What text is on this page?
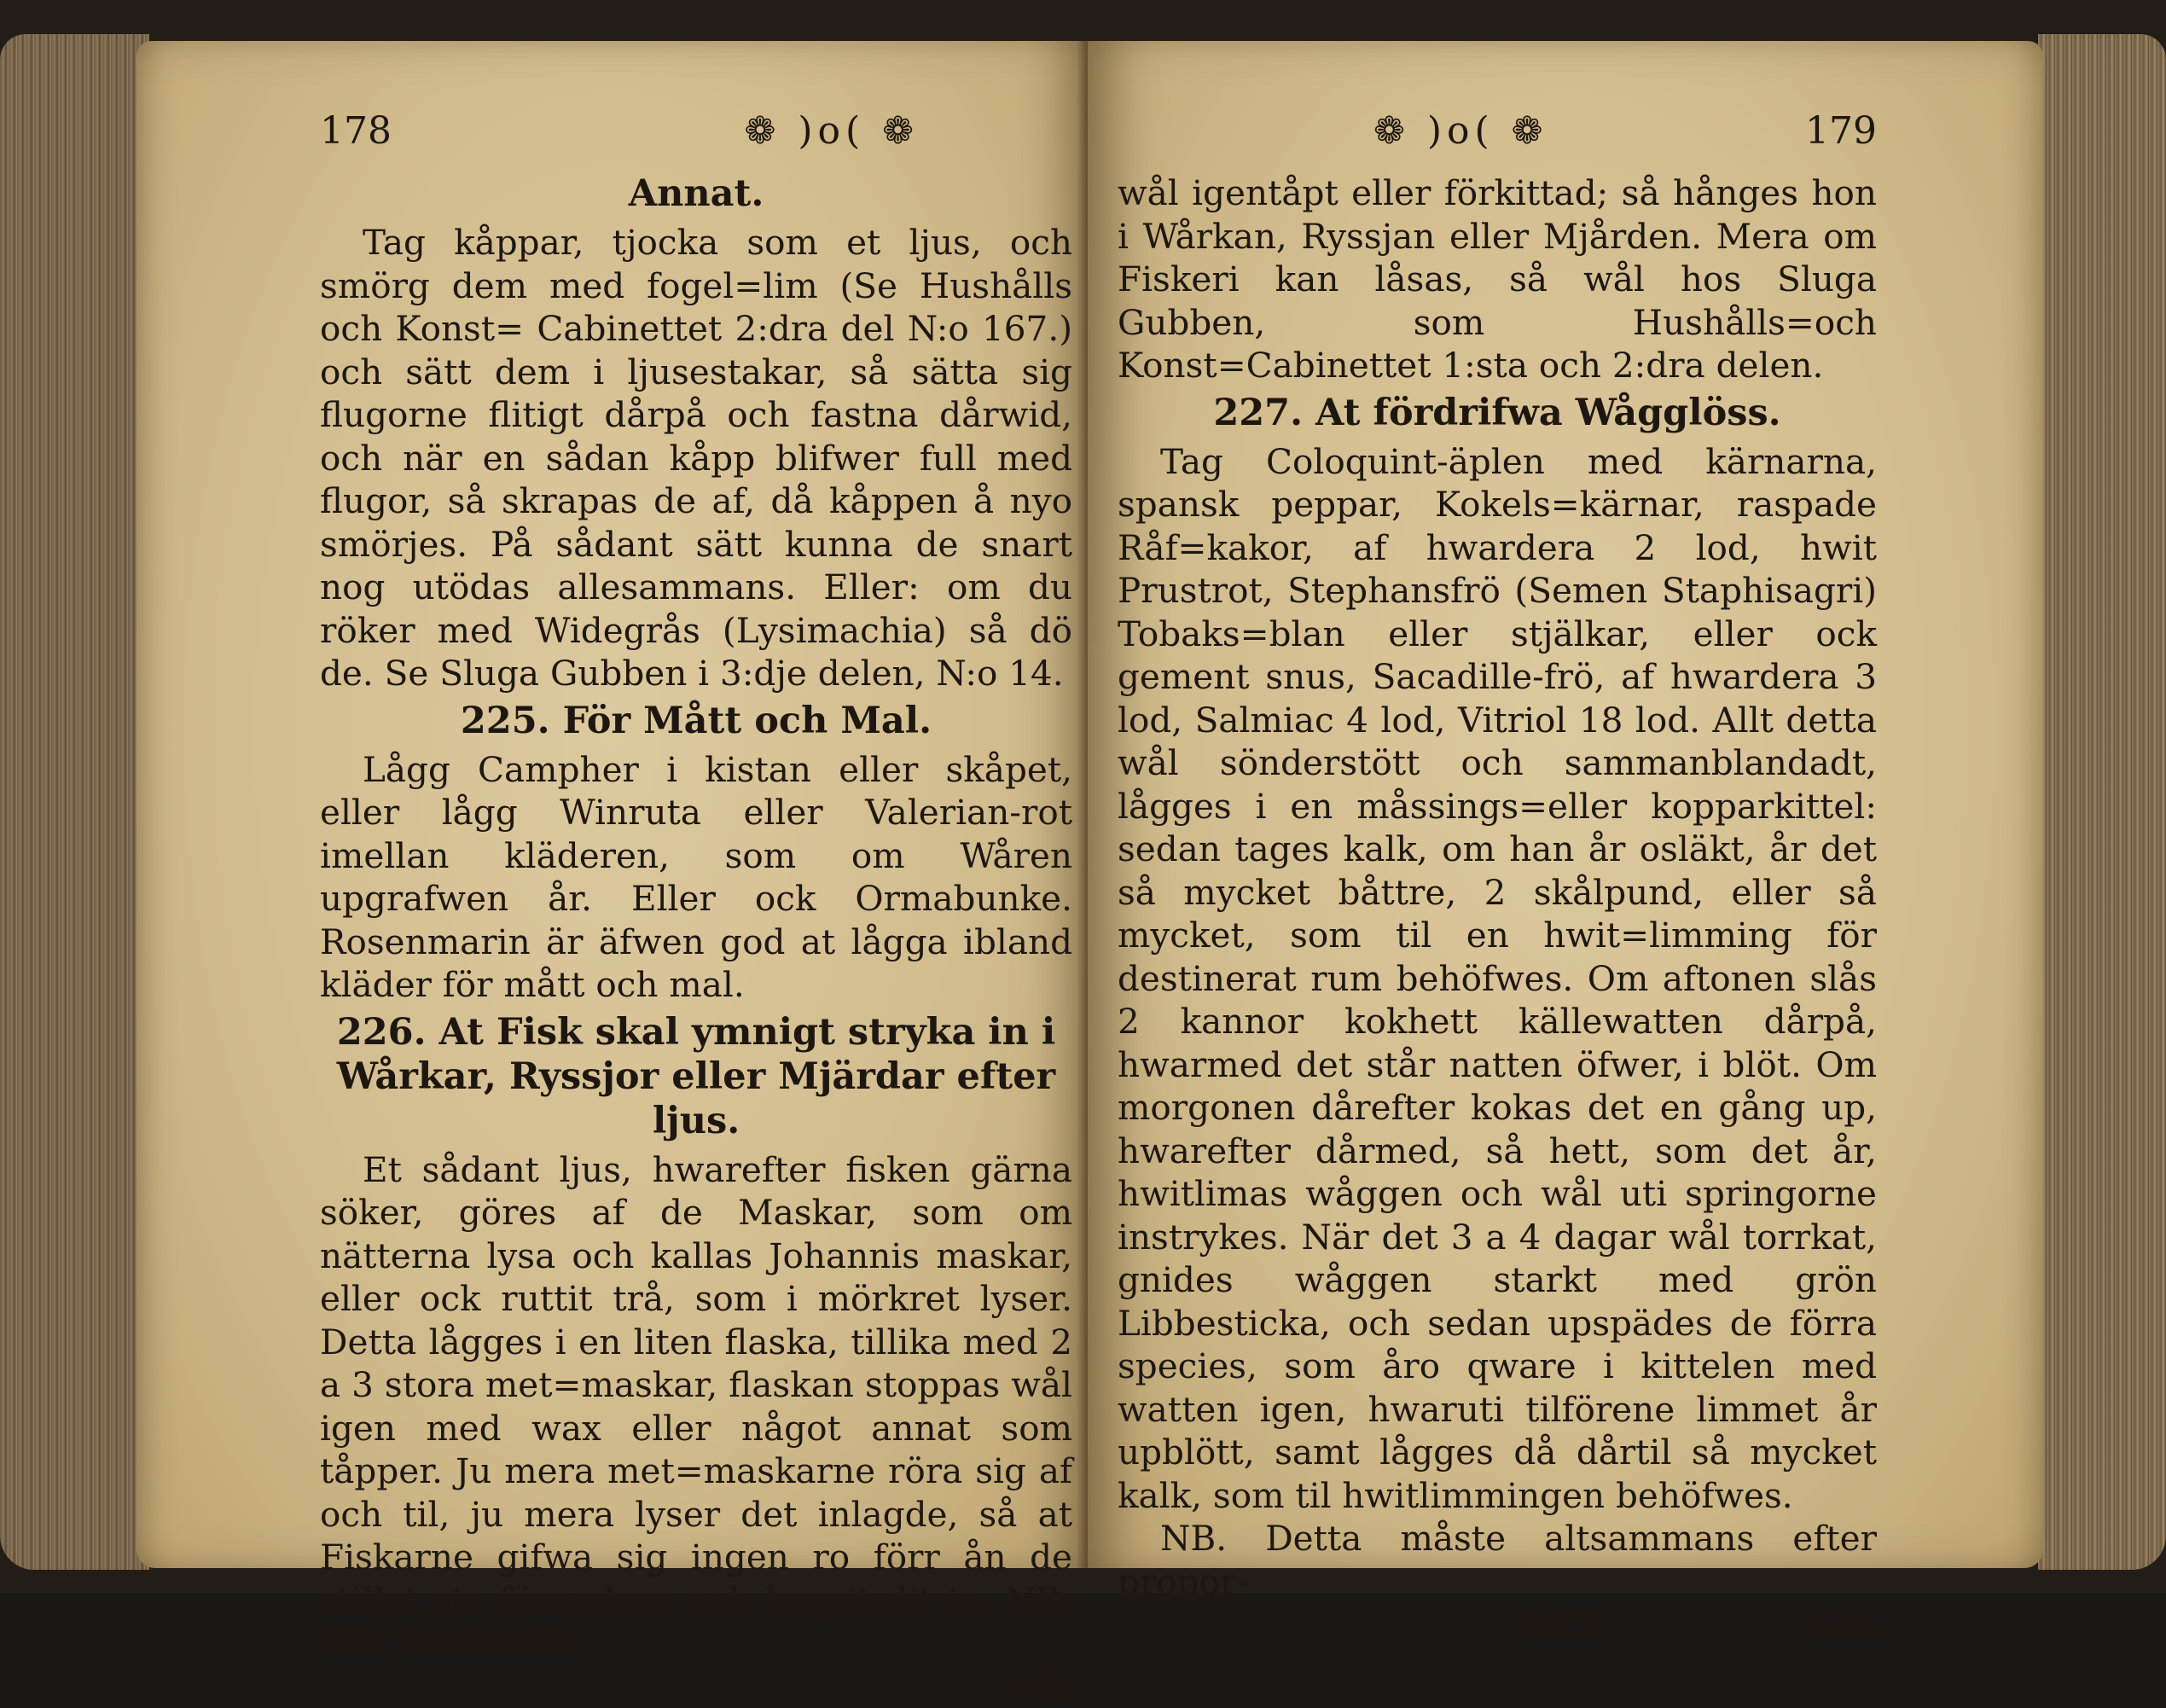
178	❁ )o( ❁
Annat.

Tag kåppar, tjocka som et ljus, och smörg dem med fogel=lim (Se Hushålls och Konst= Cabinettet 2:dra del N:o 167.) och sätt dem i ljusestakar, så sätta sig flugorne flitigt dårpå och fastna dårwid, och när en sådan kåpp blifwer full med flugor, så skrapas de af, då kåppen å nyo smörjes. På sådant sätt kunna de snart nog utödas allesammans. Eller: om du röker med Widegrås (Lysimachia) så dö de. Se Sluga Gubben i 3:dje delen, N:o 14.

225. För Mått och Mal.

Lågg Campher i kistan eller skåpet, eller lågg Winruta eller Valerian-rot imellan kläderen, som om Wåren upgrafwen år. Eller ock Ormabunke. Rosenmarin är äfwen god at låggа ibland kläder för mått och mal.

226. At Fisk skal ymnigt stryka in i Wårkar, Ryssjor eller Mjärdar efter ljus.

Et sådant ljus, hwarefter fisken gärna söker, göres af de Maskar, som om nätterna lysa och kallas Johannis maskar, eller ock ruttit trå, som i mörkret lyser. Detta lågges i en liten flaska, tillika med 2 a 3 stora met=maskar, flaskan stoppas wål igen med wax eller något annat som tåpper. Ju mera met=maskarne röra sig af och til, ju mera lyser det inlagde, så at Fiskarne gifwa sig ingen ro förr ån de stillat sin förundran och krupit dit in. NB. När flaskan är

wål
❁ )o( ❁	179

wål igentåpt eller förkittad; så hånges hon i Wårkan, Ryssjan eller Mjården. Mera om Fiskeri kan låsas, så wål hos Sluga Gubben, som Hushålls=och Konst=Cabinettet 1:sta och 2:dra delen.

227. At fördrifwa Wågglöss.

Tag Coloquint-äplen med kärnarna, spansk peppar, Kokels=kärnar, raspade Råf=kakor, af hwardera 2 lod, hwit Prustrot, Stephansfrö (Semen Staphisagri) Tobaks=blan eller stjälkar, eller ock gement snus, Sacadille-frö, af hwardera 3 lod, Salmiac 4 lod, Vitriol 18 lod. Allt detta wål sönderstött och sammanblandadt, lågges i en måssings=eller kopparkittel: sedan tages kalk, om han år osläkt, år det så mycket båttre, 2 skålpund, eller så mycket, som til en hwit=limming för destinerat rum behöfwes. Om aftonen slås 2 kannor kokhett källewatten dårpå, hwarmed det står natten öfwer, i blöt. Om morgonen dårefter kokas det en gång up, hwarefter dårmed, så hett, som det år, hwitlimas wåggen och wål uti springorne instrykes. När det 3 a 4 dagar wål torrkat, gnides wåggen starkt med grön Libbesticka, och sedan upspädes de förra species, som åro qware i kittelen med watten igen, hwaruti tilförene limmet år upblött, samt lågges då dårtil så mycket kalk, som til hwitlimmingen behöfwes.

NB. Detta måste altsammans efter propor-

M 2	tion
